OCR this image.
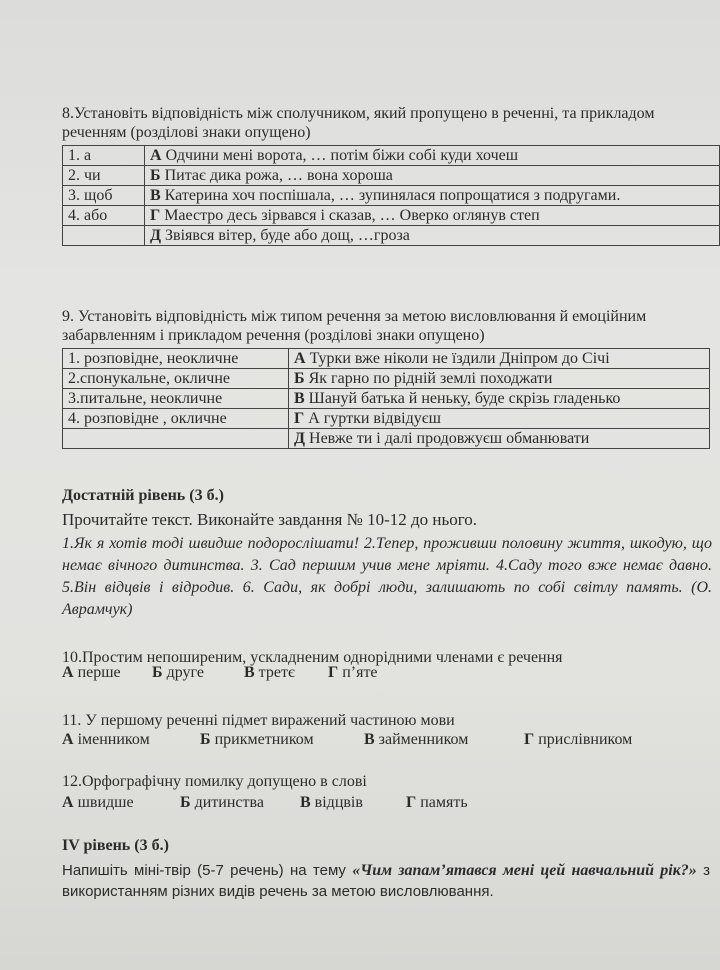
8.Установіть відповідність між сполучником, який пропущено в реченні, та прикладом реченням (розділові знаки опущено)

1. а	А Одчини мені ворота, … потім біжи собі куди хочеш
2. чи	Б Питає дика рожа, … вона хороша
3. щоб	В Катерина хоч поспішала, … зупинялася попрощатися з подругами.
4. або	Г Маестро десь зірвався і сказав, … Оверко оглянув степ
	Д Звіявся вітер, буде або дощ, …гроза

9. Установіть відповідність між типом речення за метою висловлювання й емоційним забарвленням і прикладом речення (розділові знаки опущено)

1. розповідне, неокличне	А Турки вже ніколи не їздили Дніпром до Січі
2.спонукальне, окличне	Б Як гарно по рідній землі походжати
3.питальне, неокличне	В Шануй батька й неньку, буде скрізь гладенько
4. розповідне , окличне	Г А гуртки відвідуєш
	Д Невже ти і далі продовжуєш обманювати
Достатній рівень (3 б.)
Прочитайте текст. Виконайте завдання № 10-12 до нього.
1.Як я хотів тоді швидше подорослішати! 2.Тепер, проживши половину життя, шкодую, що немає вічного дитинства. 3. Сад першим учив мене мріяти. 4.Саду того вже немає давно. 5.Він відцвів і відродив. 6. Сади, як добрі люди, залишають по собі світлу память. (О. Аврамчук)
10.Простим непоширеним, ускладненим однорідними членами є речення
А перше Б друге	В третє Г п’яте
11. У першому реченні підмет виражений частиною мови
А іменником	Б прикметником	В займенником	Г прислівником
12.Орфографічну помилку допущено в слові
А швидше	Б дитинства В відцвів	Г память
IV рівень (3 б.)
Напишіть міні-твір (5-7 речень) на тему «Чим запам’ятався мені цей навчальний рік?» з використанням різних видів речень за метою висловлювання.
